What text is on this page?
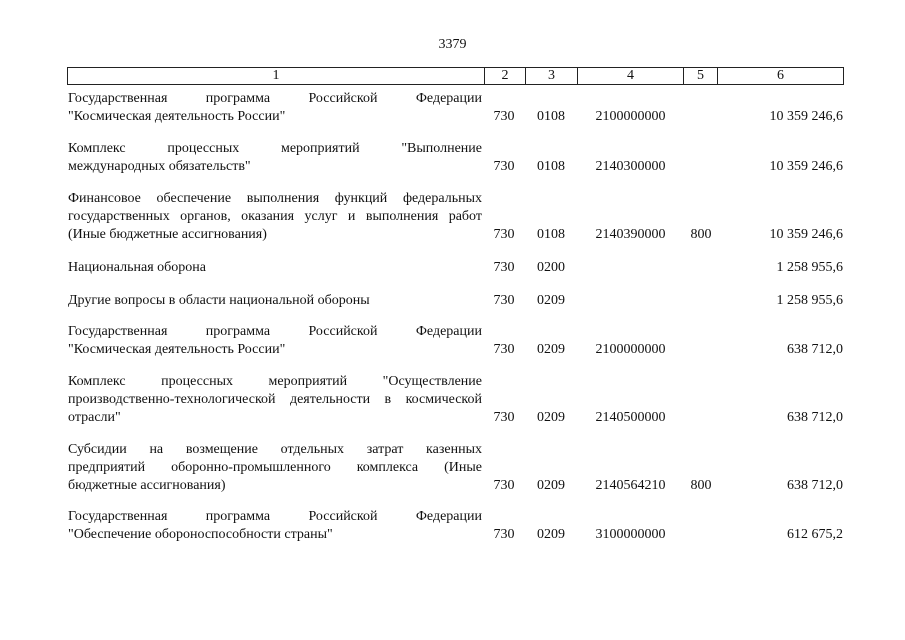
3379
1	2	3	4	5	6
Государственная программа Российской Федерации
"Космическая деятельность России"	730	0108	2100000000	10 359 246,6
Комплекс процессных мероприятий "Выполнение
международных обязательств"	730	0108	2140300000	10 359 246,6
Финансовое обеспечение выполнения функций федеральных
государственных органов, оказания услуг и выполнения работ
(Иные бюджетные ассигнования)	730	0108	2140390000	800	10 359 246,6
Национальная оборона	730	0200	1 258 955,6
Другие вопросы в области национальной обороны	730	0209	1 258 955,6
Государственная программа Российской Федерации
"Космическая деятельность России"	730	0209	2100000000	638 712,0
Комплекс процессных мероприятий "Осуществление
производственно-технологической деятельности в космической
отрасли"	730	0209	2140500000	638 712,0
Субсидии на возмещение отдельных затрат казенных
предприятий оборонно-промышленного комплекса (Иные
бюджетные ассигнования)	730	0209	2140564210	800	638 712,0
Государственная программа Российской Федерации
"Обеспечение обороноспособности страны"	730	0209	3100000000	612 675,2
